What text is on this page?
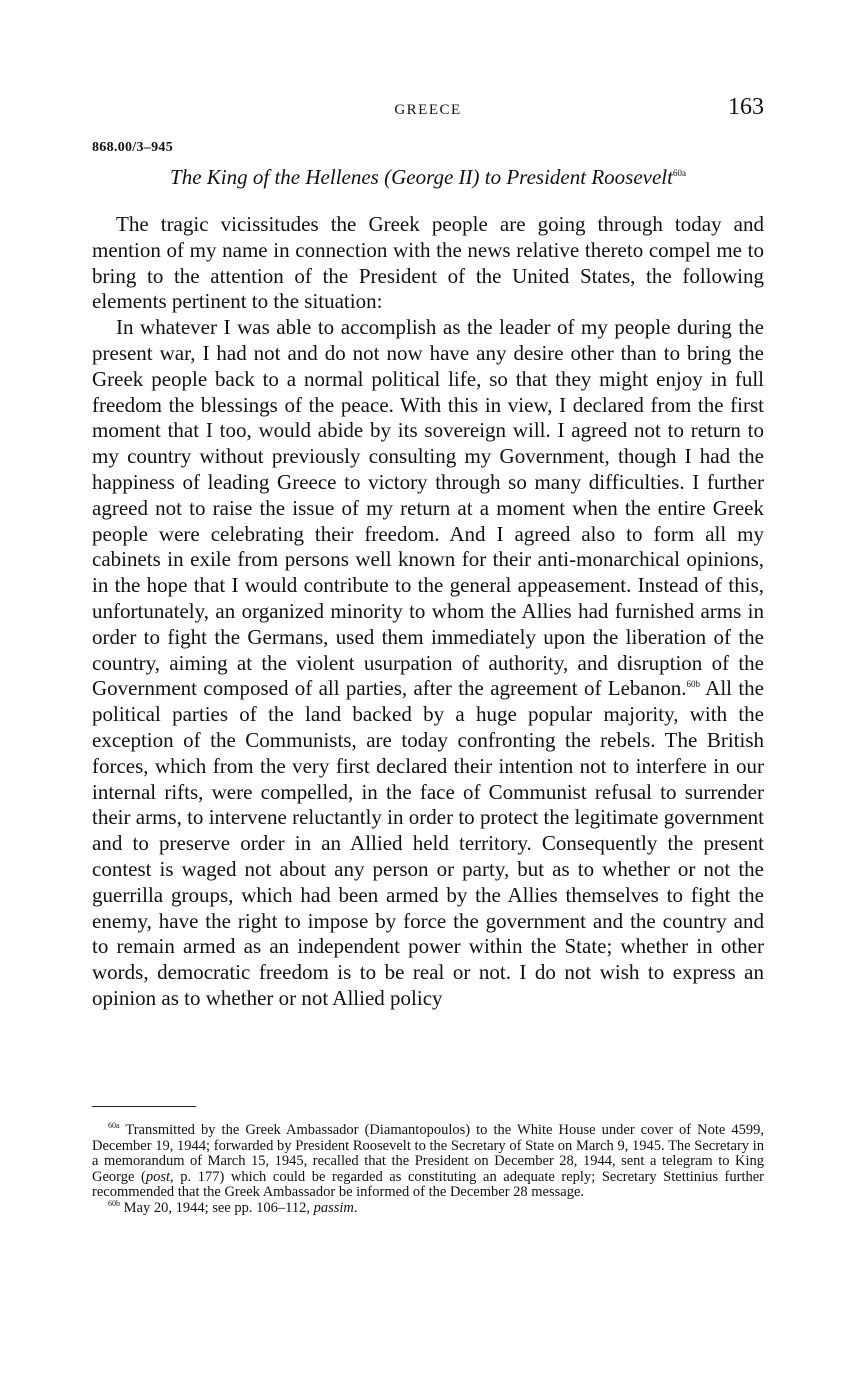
GREECE	163
868.00/3–945
The King of the Hellenes (George II) to President Roosevelt$^{60a}$

The tragic vicissitudes the Greek people are going through today and mention of my name in connection with the news relative thereto compel me to bring to the attention of the President of the United States, the following elements pertinent to the situation:

In whatever I was able to accomplish as the leader of my people during the present war, I had not and do not now have any desire other than to bring the Greek people back to a normal political life, so that they might enjoy in full freedom the blessings of the peace. With this in view, I declared from the first moment that I too, would abide by its sovereign will. I agreed not to return to my country without previously consulting my Government, though I had the happiness of leading Greece to victory through so many difficulties. I further agreed not to raise the issue of my return at a moment when the entire Greek people were celebrating their freedom. And I agreed also to form all my cabinets in exile from persons well known for their anti-monarchical opinions, in the hope that I would contribute to the general appeasement. Instead of this, unfortunately, an organized minority to whom the Allies had furnished arms in order to fight the Germans, used them immediately upon the liberation of the country, aiming at the violent usurpation of authority, and disruption of the Government composed of all parties, after the agreement of Lebanon.$^{60b}$ All the political parties of the land backed by a huge popular majority, with the exception of the Communists, are today confronting the rebels. The British forces, which from the very first declared their intention not to interfere in our internal rifts, were compelled, in the face of Communist refusal to surrender their arms, to intervene reluctantly in order to protect the legitimate government and to preserve order in an Allied held territory. Consequently the present contest is waged not about any person or party, but as to whether or not the guerrilla groups, which had been armed by the Allies themselves to fight the enemy, have the right to impose by force the government and the country and to remain armed as an independent power within the State; whether in other words, democratic freedom is to be real or not. I do not wish to express an opinion as to whether or not Allied policy

$^{60a}$ Transmitted by the Greek Ambassador (Diamantopoulos) to the White House under cover of Note 4599, December 19, 1944; forwarded by President Roosevelt to the Secretary of State on March 9, 1945. The Secretary in a memorandum of March 15, 1945, recalled that the President on December 28, 1944, sent a telegram to King George (post, p. 177) which could be regarded as constituting an adequate reply; Secretary Stettinius further recommended that the Greek Ambassador be informed of the December 28 message.

$^{60b}$ May 20, 1944; see pp. 106–112, passim.
